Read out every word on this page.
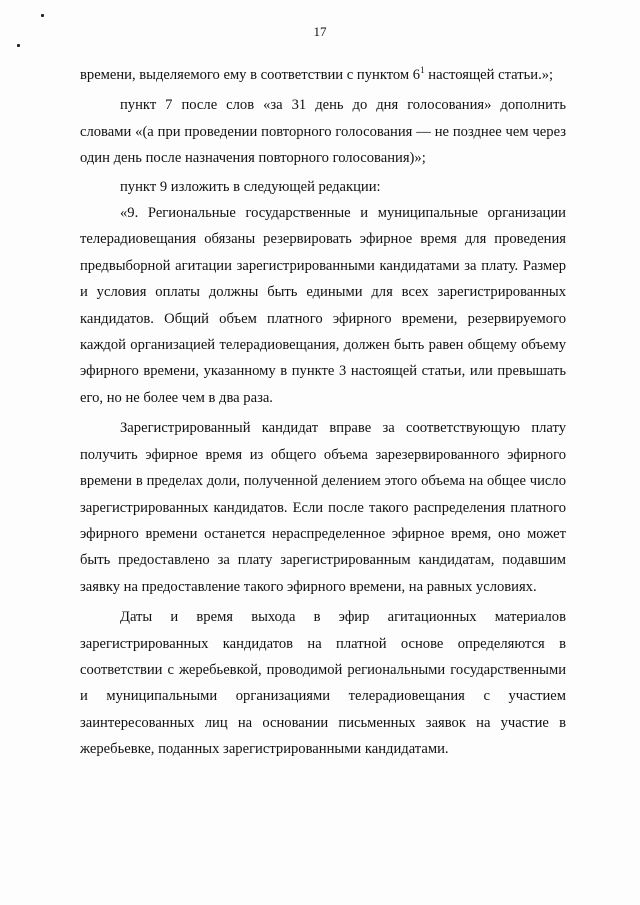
17

времени, выделяемого ему в соответствии с пунктом $6^1$ настоящей статьи.»;

пункт 7 после слов «за 31 день до дня голосования» дополнить словами «(а при проведении повторного голосования — не позднее чем через один день после назначения повторного голосования)»;

пункт 9 изложить в следующей редакции:

«9. Региональные государственные и муниципальные организации телерадиовещания обязаны резервировать эфирное время для проведения предвыборной агитации зарегистрированными кандидатами за плату. Размер и условия оплаты должны быть едиными для всех зарегистрированных кандидатов. Общий объем платного эфирного времени, резервируемого каждой организацией телерадиовещания, должен быть равен общему объему эфирного времени, указанному в пункте 3 настоящей статьи, или превышать его, но не более чем в два раза.

Зарегистрированный кандидат вправе за соответствующую плату получить эфирное время из общего объема зарезервированного эфирного времени в пределах доли, полученной делением этого объема на общее число зарегистрированных кандидатов. Если после такого распределения платного эфирного времени останется нераспределенное эфирное время, оно может быть предоставлено за плату зарегистрированным кандидатам, подавшим заявку на предоставление такого эфирного времени, на равных условиях.

Даты и время выхода в эфир агитационных материалов зарегистрированных кандидатов на платной основе определяются в соответствии с жеребьевкой, проводимой региональными государственными и муниципальными организациями телерадиовещания с участием заинтересованных лиц на основании письменных заявок на участие в жеребьевке, поданных зарегистрированными кандидатами.
